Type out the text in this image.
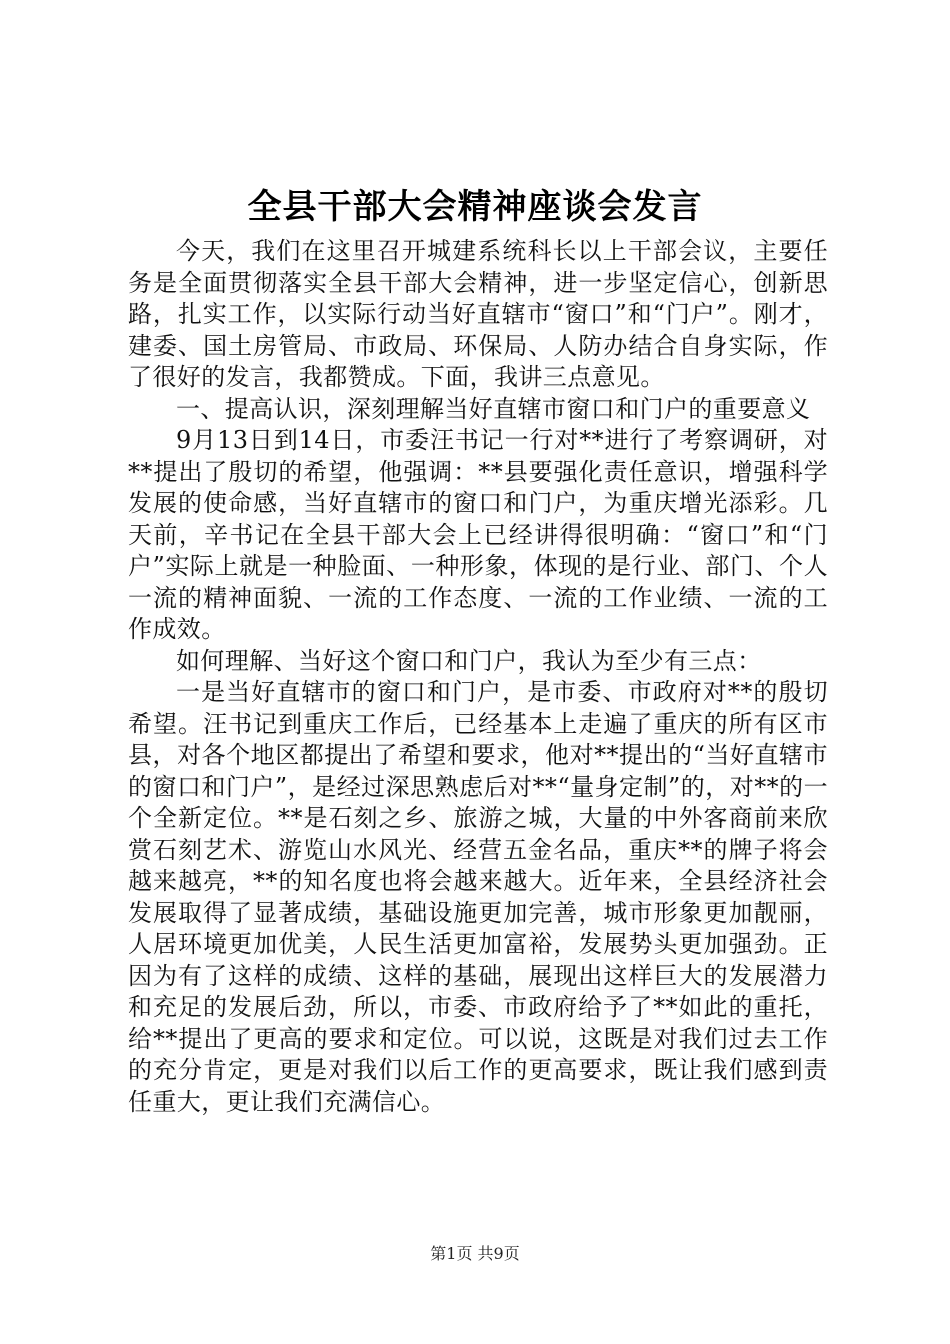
全县干部大会精神座谈会发言

今天，我们在这里召开城建系统科长以上干部会议，主要任务是全面贯彻落实全县干部大会精神，进一步坚定信心，创新思路，扎实工作，以实际行动当好直辖市“窗口”和“门户”。刚才，建委、国土房管局、市政局、环保局、人防办结合自身实际，作了很好的发言，我都赞成。下面，我讲三点意见。

一、提高认识，深刻理解当好直辖市窗口和门户的重要意义

9月13日到14日，市委汪书记一行对**进行了考察调研，对**提出了殷切的希望，他强调：**县要强化责任意识，增强科学发展的使命感，当好直辖市的窗口和门户，为重庆增光添彩。几天前，辛书记在全县干部大会上已经讲得很明确：“窗口”和“门户”实际上就是一种脸面、一种形象，体现的是行业、部门、个人一流的精神面貌、一流的工作态度、一流的工作业绩、一流的工作成效。

如何理解、当好这个窗口和门户，我认为至少有三点：

一是当好直辖市的窗口和门户，是市委、市政府对**的殷切希望。汪书记到重庆工作后，已经基本上走遍了重庆的所有区市县，对各个地区都提出了希望和要求，他对**提出的“当好直辖市的窗口和门户”，是经过深思熟虑后对**“量身定制”的，对**的一个全新定位。**是石刻之乡、旅游之城，大量的中外客商前来欣赏石刻艺术、游览山水风光、经营五金名品，重庆**的牌子将会越来越亮，**的知名度也将会越来越大。近年来，全县经济社会发展取得了显著成绩，基础设施更加完善，城市形象更加靓丽，人居环境更加优美，人民生活更加富裕，发展势头更加强劲。正因为有了这样的成绩、这样的基础，展现出这样巨大的发展潜力和充足的发展后劲，所以，市委、市政府给予了**如此的重托，给**提出了更高的要求和定位。可以说，这既是对我们过去工作的充分肯定，更是对我们以后工作的更高要求，既让我们感到责任重大，更让我们充满信心。

第1页 共9页
